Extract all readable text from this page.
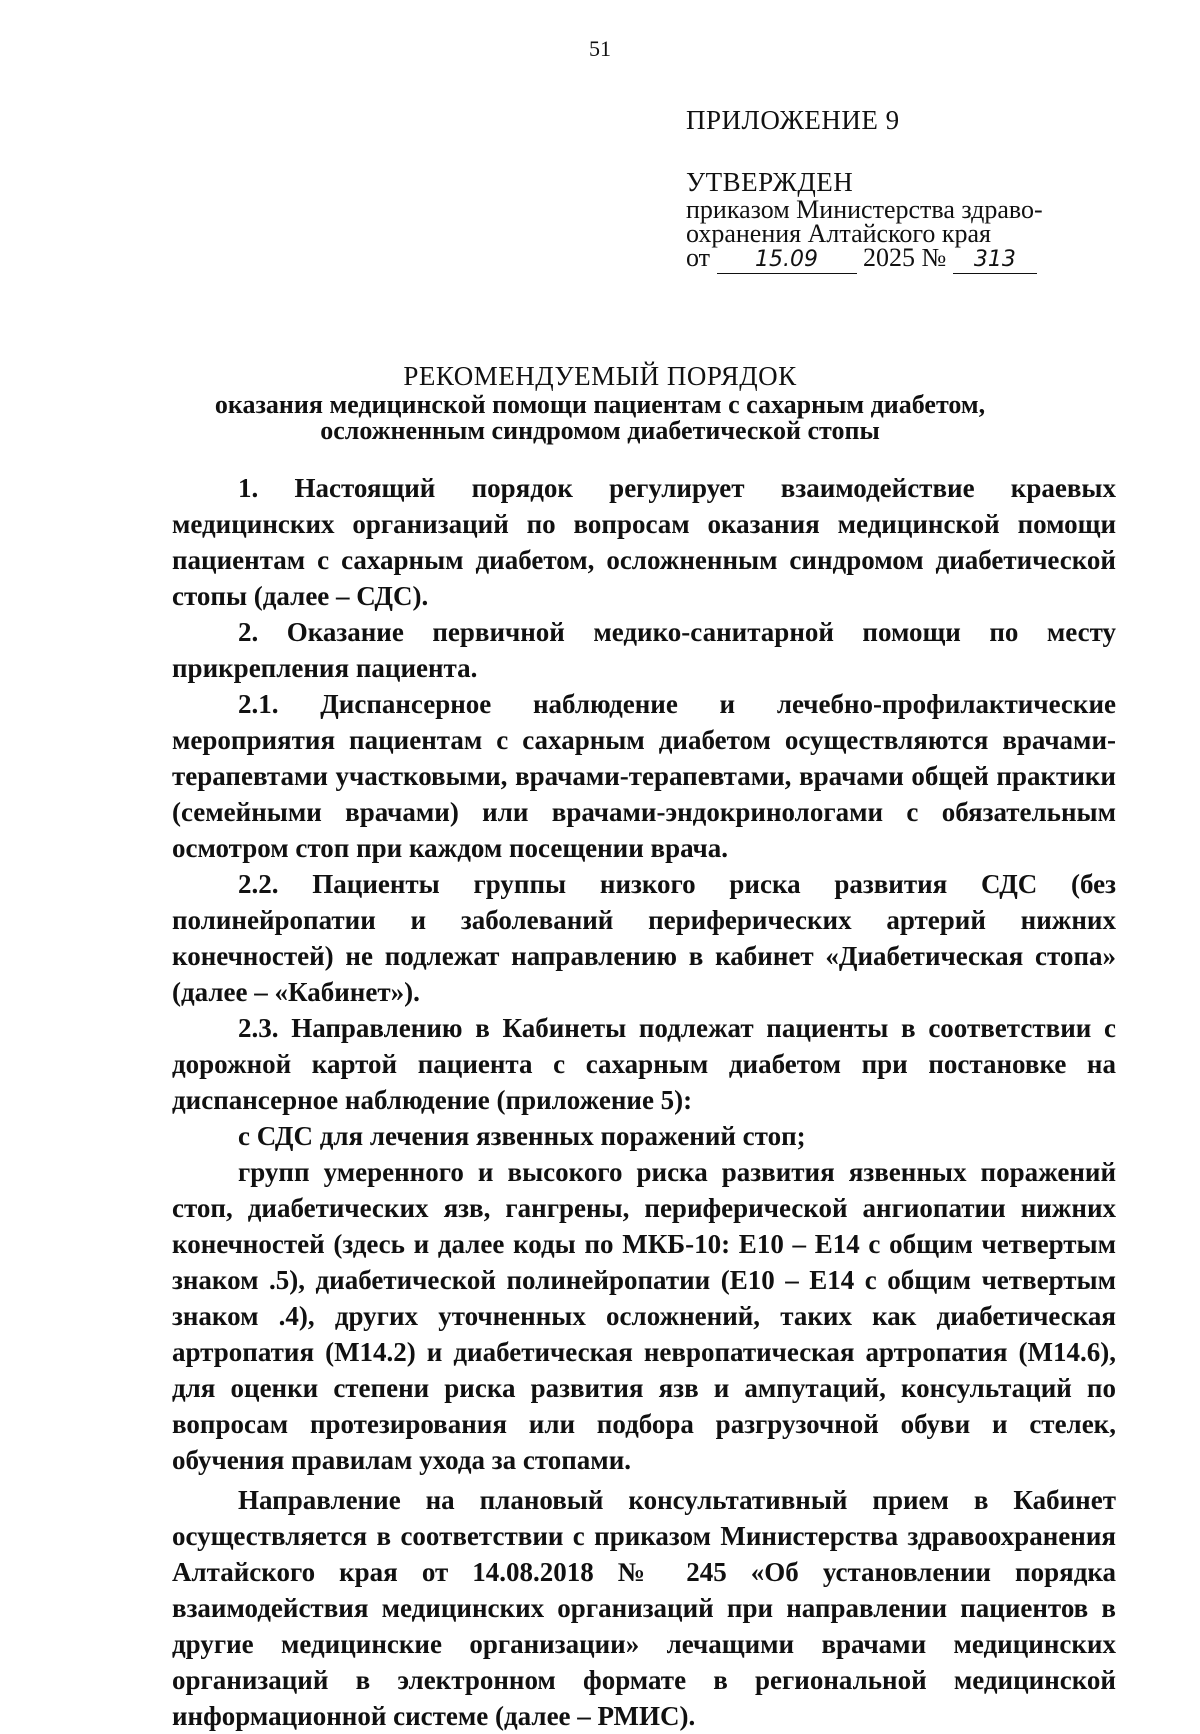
51
ПРИЛОЖЕНИЕ 9
УТВЕРЖДЕН
приказом Министерства здраво-
охранения Алтайского края
от 15.09 2025 № 313
РЕКОМЕНДУЕМЫЙ ПОРЯДОК
оказания медицинской помощи пациентам с сахарным диабетом,
осложненным синдромом диабетической стопы

1. Настоящий порядок регулирует взаимодействие краевых медицинских организаций по вопросам оказания медицинской помощи пациентам с сахарным диабетом, осложненным синдромом диабетической стопы (далее – СДС).

2. Оказание первичной медико-санитарной помощи по месту прикрепления пациента.

2.1. Диспансерное наблюдение и лечебно-профилактические мероприятия пациентам с сахарным диабетом осуществляются врачами-терапевтами участковыми, врачами-терапевтами, врачами общей практики (семейными врачами) или врачами-эндокринологами с обязательным осмотром стоп при каждом посещении врача.

2.2. Пациенты группы низкого риска развития СДС (без полинейропатии и заболеваний периферических артерий нижних конечностей) не подлежат направлению в кабинет «Диабетическая стопа» (далее – «Кабинет»).

2.3. Направлению в Кабинеты подлежат пациенты в соответствии с дорожной картой пациента с сахарным диабетом при постановке на диспансерное наблюдение (приложение 5):

с СДС для лечения язвенных поражений стоп;

групп умеренного и высокого риска развития язвенных поражений стоп, диабетических язв, гангрены, периферической ангиопатии нижних конечностей (здесь и далее коды по МКБ-10: Е10 – Е14 с общим четвертым знаком .5), диабетической полинейропатии (Е10 – Е14 с общим четвертым знаком .4), других уточненных осложнений, таких как диабетическая артропатия (M14.2) и диабетическая невропатическая артропатия (M14.6), для оценки степени риска развития язв и ампутаций, консультаций по вопросам протезирования или подбора разгрузочной обуви и стелек, обучения правилам ухода за стопами.

Направление на плановый консультативный прием в Кабинет осуществляется в соответствии с приказом Министерства здравоохранения Алтайского края от 14.08.2018 № 245 «Об установлении порядка взаимодействия медицинских организаций при направлении пациентов в другие медицинские организации» лечащими врачами медицинских организаций в электронном формате в региональной медицинской информационной системе (далее – РМИС).
